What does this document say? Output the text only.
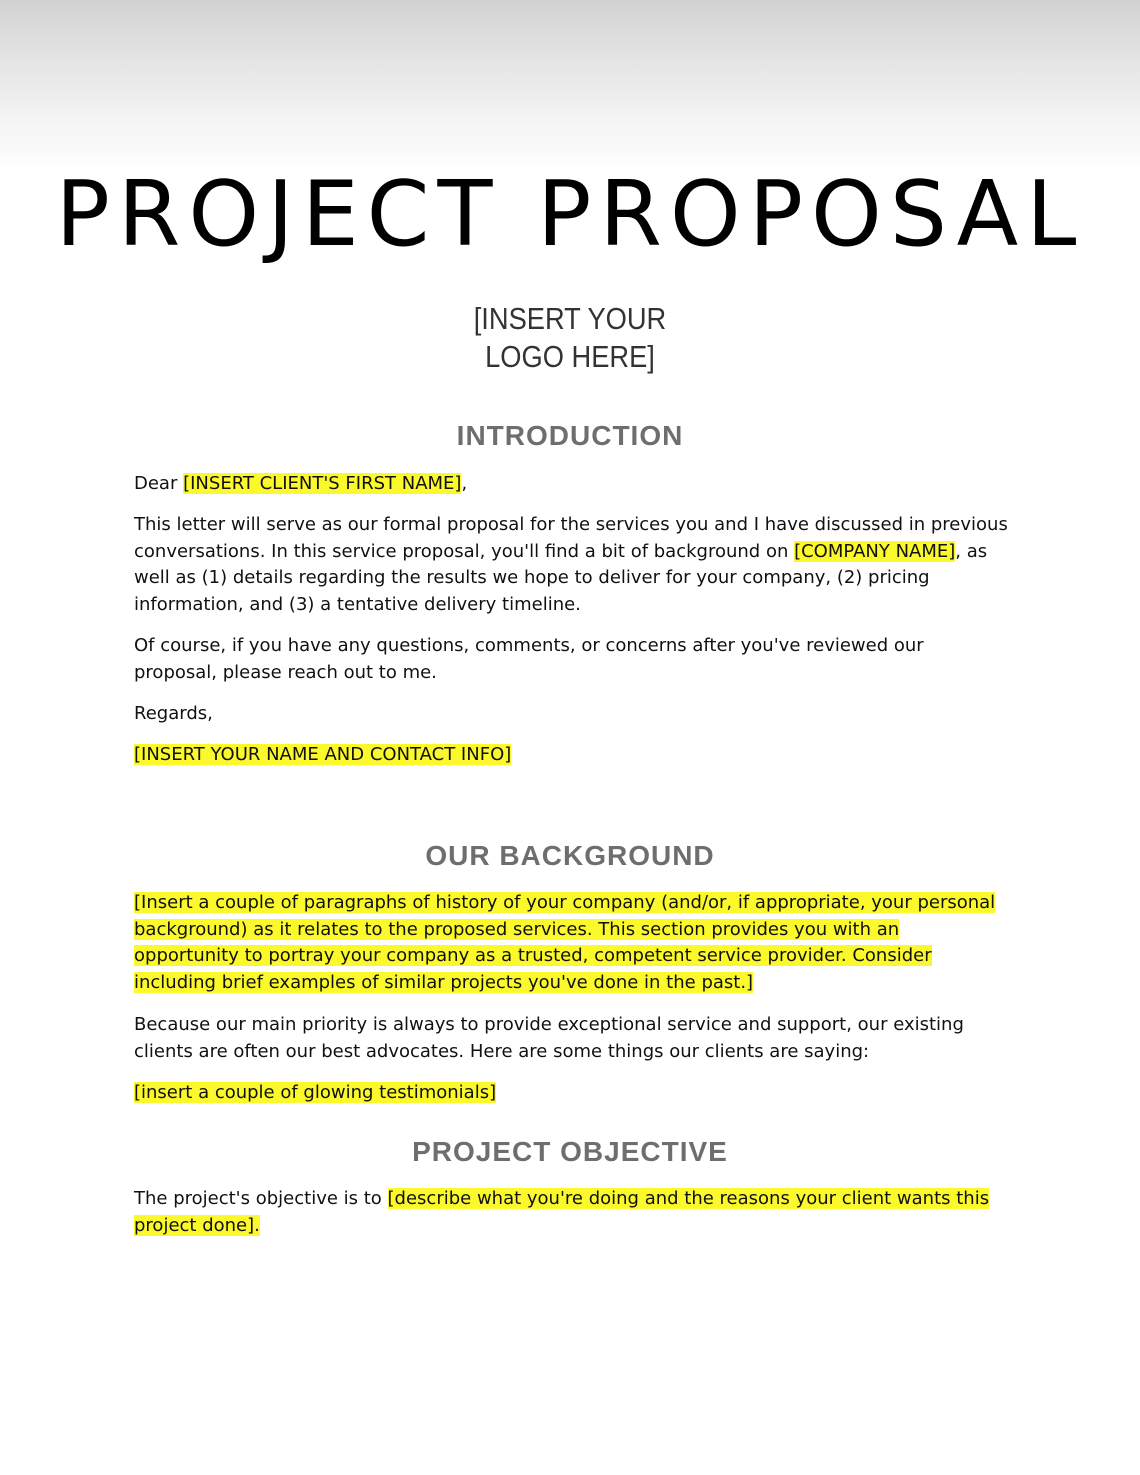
PROJECT PROPOSAL
[INSERT YOUR
LOGO HERE]
INTRODUCTION

Dear [INSERT CLIENT'S FIRST NAME],

This letter will serve as our formal proposal for the services you and I have discussed in previous conversations. In this service proposal, you'll find a bit of background on [COMPANY NAME], as well as (1) details regarding the results we hope to deliver for your company, (2) pricing information, and (3) a tentative delivery timeline.

Of course, if you have any questions, comments, or concerns after you've reviewed our proposal, please reach out to me.

Regards,

[INSERT YOUR NAME AND CONTACT INFO]

OUR BACKGROUND

[Insert a couple of paragraphs of history of your company (and/or, if appropriate, your personal background) as it relates to the proposed services. This section provides you with an opportunity to portray your company as a trusted, competent service provider. Consider including brief examples of similar projects you've done in the past.]

Because our main priority is always to provide exceptional service and support, our existing clients are often our best advocates. Here are some things our clients are saying:

[insert a couple of glowing testimonials]

PROJECT OBJECTIVE

The project's objective is to [describe what you're doing and the reasons your client wants this project done].
